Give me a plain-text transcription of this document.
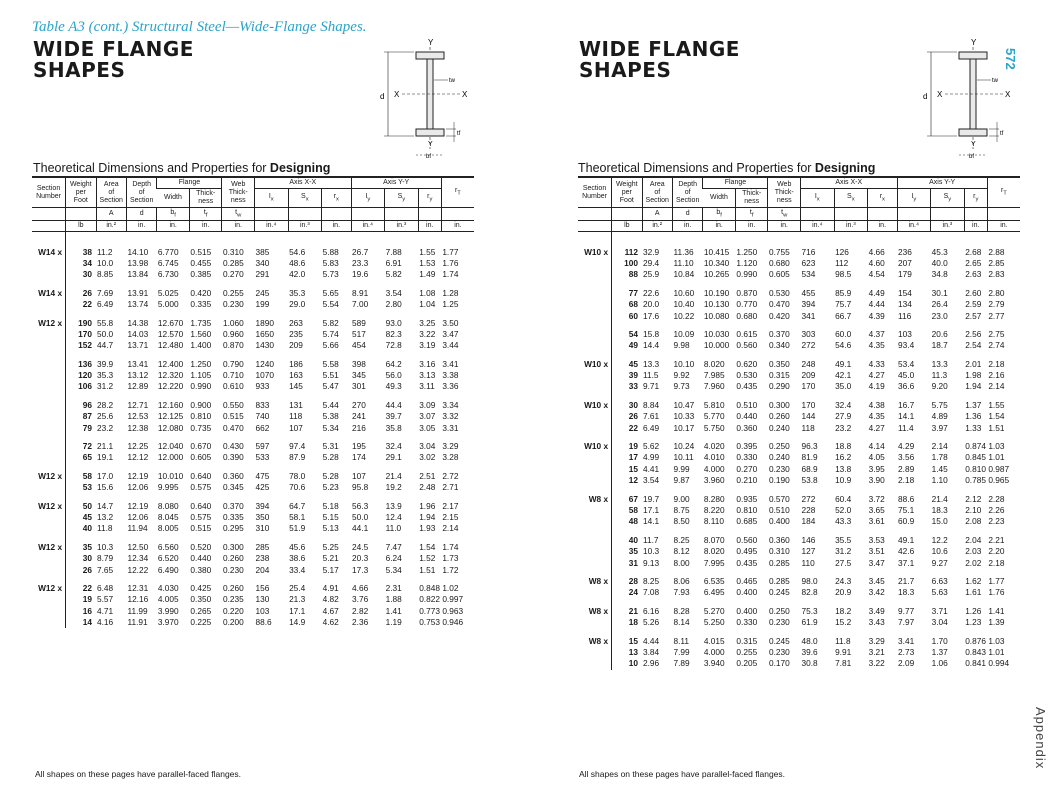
Table A3 (cont.) Structural Steel—Wide-Flange Shapes.
WIDE FLANGE
SHAPES
Y
X	X
d
tw
tf
Y
bf
Theoretical Dimensions and Properties for Designing
Section
Number	Weight
per
Foot	Area
of
Section	Depth
of
Section	Flange		Web
Thick-
ness	Axis X-X			Axis Y-Y			$r_T$
				Width	Thick-
ness		$I_x$	$S_x$	$r_x$	$I_y$	$S_y$	$r_y$
		A	d	$b_f$	$t_f$	$t_w$							
	lb	in.²	in.	in.	in.	in.	in.⁴	in.³	in.	in.⁴	in.³	in.	in.

W14 x	38	11.2	14.10	6.770	0.515	0.310	385	54.6	5.88	26.7	7.88	1.55	1.77
	34	10.0	13.98	6.745	0.455	0.285	340	48.6	5.83	23.3	6.91	1.53	1.76
	30	8.85	13.84	6.730	0.385	0.270	291	42.0	5.73	19.6	5.82	1.49	1.74

W14 x	26	7.69	13.91	5.025	0.420	0.255	245	35.3	5.65	8.91	3.54	1.08	1.28
	22	6.49	13.74	5.000	0.335	0.230	199	29.0	5.54	7.00	2.80	1.04	1.25

W12 x	190	55.8	14.38	12.670	1.735	1.060	1890	263	5.82	589	93.0	3.25	3.50
	170	50.0	14.03	12.570	1.560	0.960	1650	235	5.74	517	82.3	3.22	3.47
	152	44.7	13.71	12.480	1.400	0.870	1430	209	5.66	454	72.8	3.19	3.44

	136	39.9	13.41	12.400	1.250	0.790	1240	186	5.58	398	64.2	3.16	3.41
	120	35.3	13.12	12.320	1.105	0.710	1070	163	5.51	345	56.0	3.13	3.38
	106	31.2	12.89	12.220	0.990	0.610	933	145	5.47	301	49.3	3.11	3.36

	96	28.2	12.71	12.160	0.900	0.550	833	131	5.44	270	44.4	3.09	3.34
	87	25.6	12.53	12.125	0.810	0.515	740	118	5.38	241	39.7	3.07	3.32
	79	23.2	12.38	12.080	0.735	0.470	662	107	5.34	216	35.8	3.05	3.31

	72	21.1	12.25	12.040	0.670	0.430	597	97.4	5.31	195	32.4	3.04	3.29
	65	19.1	12.12	12.000	0.605	0.390	533	87.9	5.28	174	29.1	3.02	3.28

W12 x	58	17.0	12.19	10.010	0.640	0.360	475	78.0	5.28	107	21.4	2.51	2.72
	53	15.6	12.06	9.995	0.575	0.345	425	70.6	5.23	95.8	19.2	2.48	2.71

W12 x	50	14.7	12.19	8.080	0.640	0.370	394	64.7	5.18	56.3	13.9	1.96	2.17
	45	13.2	12.06	8.045	0.575	0.335	350	58.1	5.15	50.0	12.4	1.94	2.15
	40	11.8	11.94	8.005	0.515	0.295	310	51.9	5.13	44.1	11.0	1.93	2.14

W12 x	35	10.3	12.50	6.560	0.520	0.300	285	45.6	5.25	24.5	7.47	1.54	1.74
	30	8.79	12.34	6.520	0.440	0.260	238	38.6	5.21	20.3	6.24	1.52	1.73
	26	7.65	12.22	6.490	0.380	0.230	204	33.4	5.17	17.3	5.34	1.51	1.72

W12 x	22	6.48	12.31	4.030	0.425	0.260	156	25.4	4.91	4.66	2.31	0.848	1.02
	19	5.57	12.16	4.005	0.350	0.235	130	21.3	4.82	3.76	1.88	0.822	0.997
	16	4.71	11.99	3.990	0.265	0.220	103	17.1	4.67	2.82	1.41	0.773	0.963
	14	4.16	11.91	3.970	0.225	0.200	88.6	14.9	4.62	2.36	1.19	0.753	0.946
All shapes on these pages have parallel-faced flanges.
WIDE FLANGE
SHAPES
Y
X	X
d
tw
tf
Y
bf
Theoretical Dimensions and Properties for Designing
Section
Number	Weight
per
Foot	Area
of
Section	Depth
of
Section	Flange		Web
Thick-
ness	Axis X-X			Axis Y-Y			$r_T$
				Width	Thick-
ness		$I_x$	$S_x$	$r_x$	$I_y$	$S_y$	$r_y$
		A	d	$b_f$	$t_f$	$t_w$							
	lb	in.²	in.	in.	in.	in.	in.⁴	in.³	in.	in.⁴	in.³	in.	in.

W10 x	112	32.9	11.36	10.415	1.250	0.755	716	126	4.66	236	45.3	2.68	2.88
	100	29.4	11.10	10.340	1.120	0.680	623	112	4.60	207	40.0	2.65	2.85
	88	25.9	10.84	10.265	0.990	0.605	534	98.5	4.54	179	34.8	2.63	2.83

	77	22.6	10.60	10.190	0.870	0.530	455	85.9	4.49	154	30.1	2.60	2.80
	68	20.0	10.40	10.130	0.770	0.470	394	75.7	4.44	134	26.4	2.59	2.79
	60	17.6	10.22	10.080	0.680	0.420	341	66.7	4.39	116	23.0	2.57	2.77

	54	15.8	10.09	10.030	0.615	0.370	303	60.0	4.37	103	20.6	2.56	2.75
	49	14.4	9.98	10.000	0.560	0.340	272	54.6	4.35	93.4	18.7	2.54	2.74

W10 x	45	13.3	10.10	8.020	0.620	0.350	248	49.1	4.33	53.4	13.3	2.01	2.18
	39	11.5	9.92	7.985	0.530	0.315	209	42.1	4.27	45.0	11.3	1.98	2.16
	33	9.71	9.73	7.960	0.435	0.290	170	35.0	4.19	36.6	9.20	1.94	2.14

W10 x	30	8.84	10.47	5.810	0.510	0.300	170	32.4	4.38	16.7	5.75	1.37	1.55
	26	7.61	10.33	5.770	0.440	0.260	144	27.9	4.35	14.1	4.89	1.36	1.54
	22	6.49	10.17	5.750	0.360	0.240	118	23.2	4.27	11.4	3.97	1.33	1.51

W10 x	19	5.62	10.24	4.020	0.395	0.250	96.3	18.8	4.14	4.29	2.14	0.874	1.03
	17	4.99	10.11	4.010	0.330	0.240	81.9	16.2	4.05	3.56	1.78	0.845	1.01
	15	4.41	9.99	4.000	0.270	0.230	68.9	13.8	3.95	2.89	1.45	0.810	0.987
	12	3.54	9.87	3.960	0.210	0.190	53.8	10.9	3.90	2.18	1.10	0.785	0.965

W8 x	67	19.7	9.00	8.280	0.935	0.570	272	60.4	3.72	88.6	21.4	2.12	2.28
	58	17.1	8.75	8.220	0.810	0.510	228	52.0	3.65	75.1	18.3	2.10	2.26
	48	14.1	8.50	8.110	0.685	0.400	184	43.3	3.61	60.9	15.0	2.08	2.23

	40	11.7	8.25	8.070	0.560	0.360	146	35.5	3.53	49.1	12.2	2.04	2.21
	35	10.3	8.12	8.020	0.495	0.310	127	31.2	3.51	42.6	10.6	2.03	2.20
	31	9.13	8.00	7.995	0.435	0.285	110	27.5	3.47	37.1	9.27	2.02	2.18

W8 x	28	8.25	8.06	6.535	0.465	0.285	98.0	24.3	3.45	21.7	6.63	1.62	1.77
	24	7.08	7.93	6.495	0.400	0.245	82.8	20.9	3.42	18.3	5.63	1.61	1.76

W8 x	21	6.16	8.28	5.270	0.400	0.250	75.3	18.2	3.49	9.77	3.71	1.26	1.41
	18	5.26	8.14	5.250	0.330	0.230	61.9	15.2	3.43	7.97	3.04	1.23	1.39

W8 x	15	4.44	8.11	4.015	0.315	0.245	48.0	11.8	3.29	3.41	1.70	0.876	1.03
	13	3.84	7.99	4.000	0.255	0.230	39.6	9.91	3.21	2.73	1.37	0.843	1.01
	10	2.96	7.89	3.940	0.205	0.170	30.8	7.81	3.22	2.09	1.06	0.841	0.994
All shapes on these pages have parallel-faced flanges.
572
Appendix
